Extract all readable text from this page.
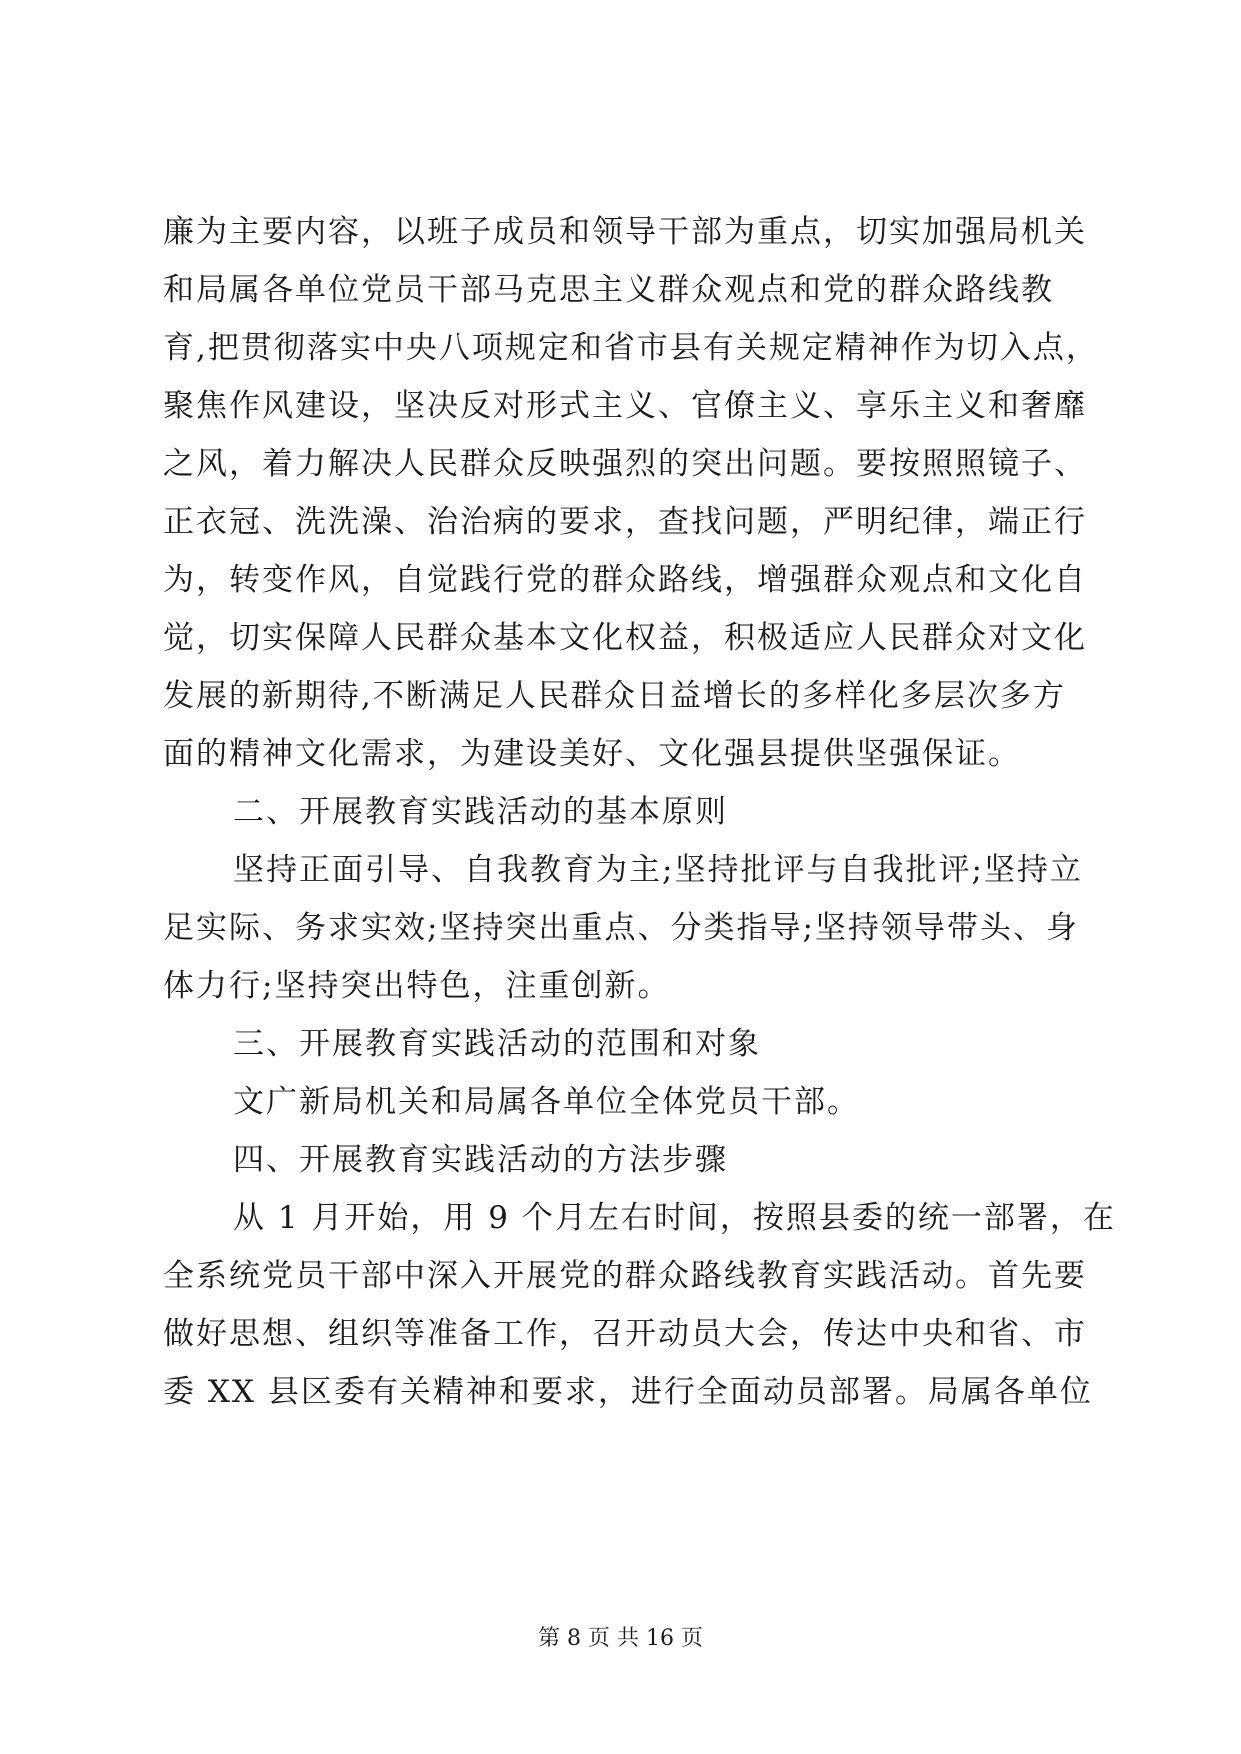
廉为主要内容，以班子成员和领导干部为重点，切实加强局机关
和局属各单位党员干部马克思主义群众观点和党的群众路线教
育,把贯彻落实中央八项规定和省市县有关规定精神作为切入点，
聚焦作风建设，坚决反对形式主义、官僚主义、享乐主义和奢靡
之风，着力解决人民群众反映强烈的突出问题。要按照照镜子、
正衣冠、洗洗澡、治治病的要求，查找问题，严明纪律，端正行
为，转变作风，自觉践行党的群众路线，增强群众观点和文化自
觉，切实保障人民群众基本文化权益，积极适应人民群众对文化
发展的新期待,不断满足人民群众日益增长的多样化多层次多方
面的精神文化需求，为建设美好、文化强县提供坚强保证。
二、开展教育实践活动的基本原则
坚持正面引导、自我教育为主;坚持批评与自我批评;坚持立
足实际、务求实效;坚持突出重点、分类指导;坚持领导带头、身
体力行;坚持突出特色，注重创新。
三、开展教育实践活动的范围和对象
文广新局机关和局属各单位全体党员干部。
四、开展教育实践活动的方法步骤
从 1 月开始，用 9 个月左右时间，按照县委的统一部署，在
全系统党员干部中深入开展党的群众路线教育实践活动。首先要
做好思想、组织等准备工作，召开动员大会，传达中央和省、市
委 XX 县区委有关精神和要求，进行全面动员部署。局属各单位
第 8 页 共 16 页
